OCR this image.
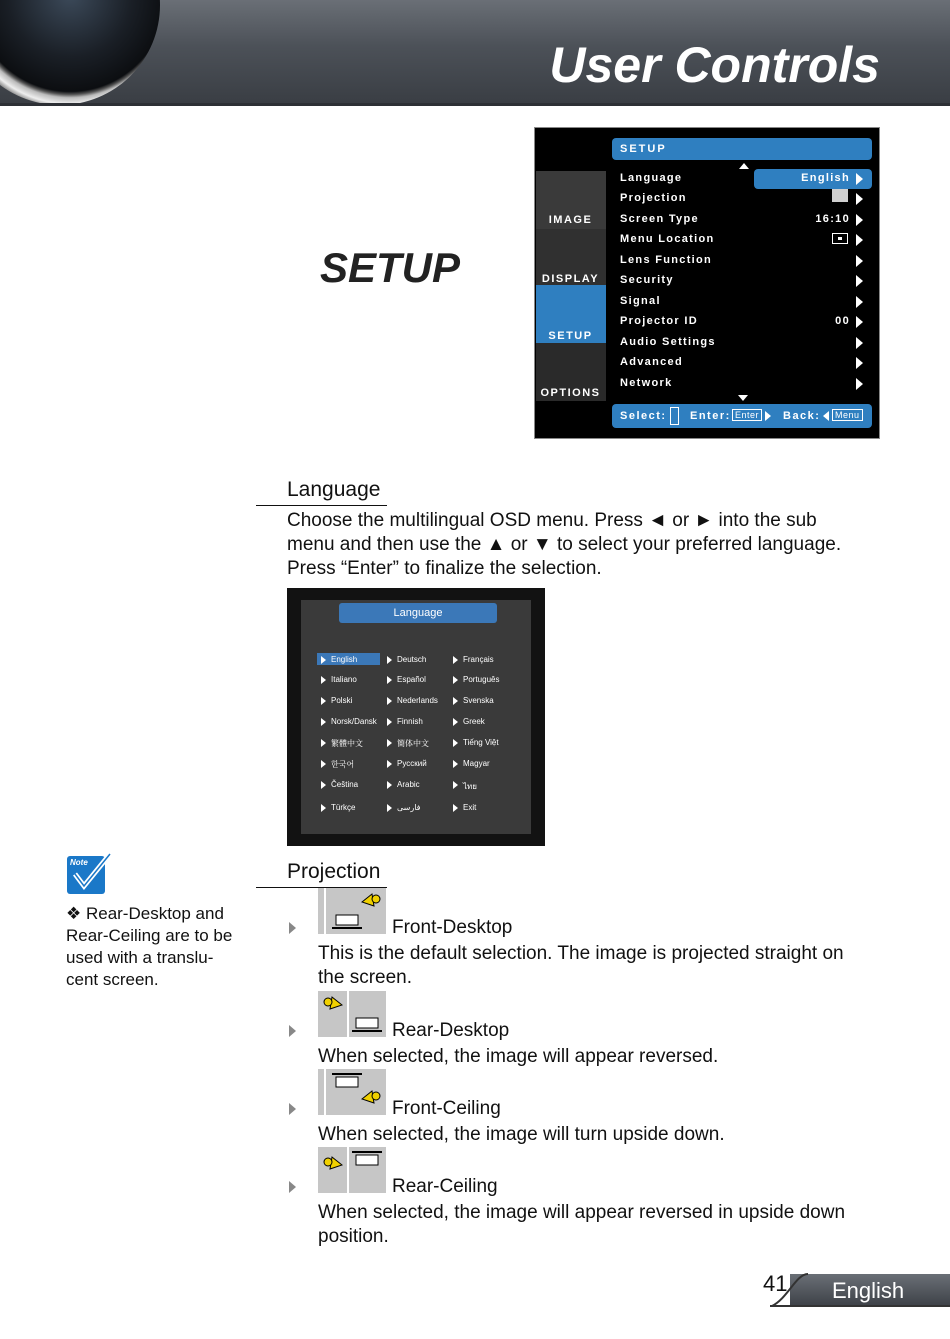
User Controls
SETUP
IMAGE
DISPLAY
SETUP
OPTIONS
SETUP
Language	English
Projection
Screen Type	16:10
Menu Location
Lens Function
Security
Signal
Projector ID	00
Audio Settings
Advanced
Network
Select: Enter: Enter Back:	Menu
Language
Choose the multilingual OSD menu. Press ◄ or ► into the sub
menu and then use the ▲ or ▼ to select your preferred language.
Press “Enter” to finalize the selection.
Language
English	Deutsch	Français
Italiano	Español	Português
Polski	Nederlands	Svenska
Norsk/Dansk	Finnish	Greek
繁體中文	簡体中文	Tiếng Việt
한국어	Русский	Magyar
Čeština	Arabic	ไทย
Türkçe	فارسی	Exit
Note
❖ Rear-Desktop and Rear-Ceiling are to be used with a translu-cent screen.
Projection
Front-Desktop
This is the default selection. The image is projected straight on
the screen.
Rear-Desktop
When selected, the image will appear reversed.
Front-Ceiling
When selected, the image will turn upside down.
Rear-Ceiling
When selected, the image will appear reversed in upside down
position.
41 English
